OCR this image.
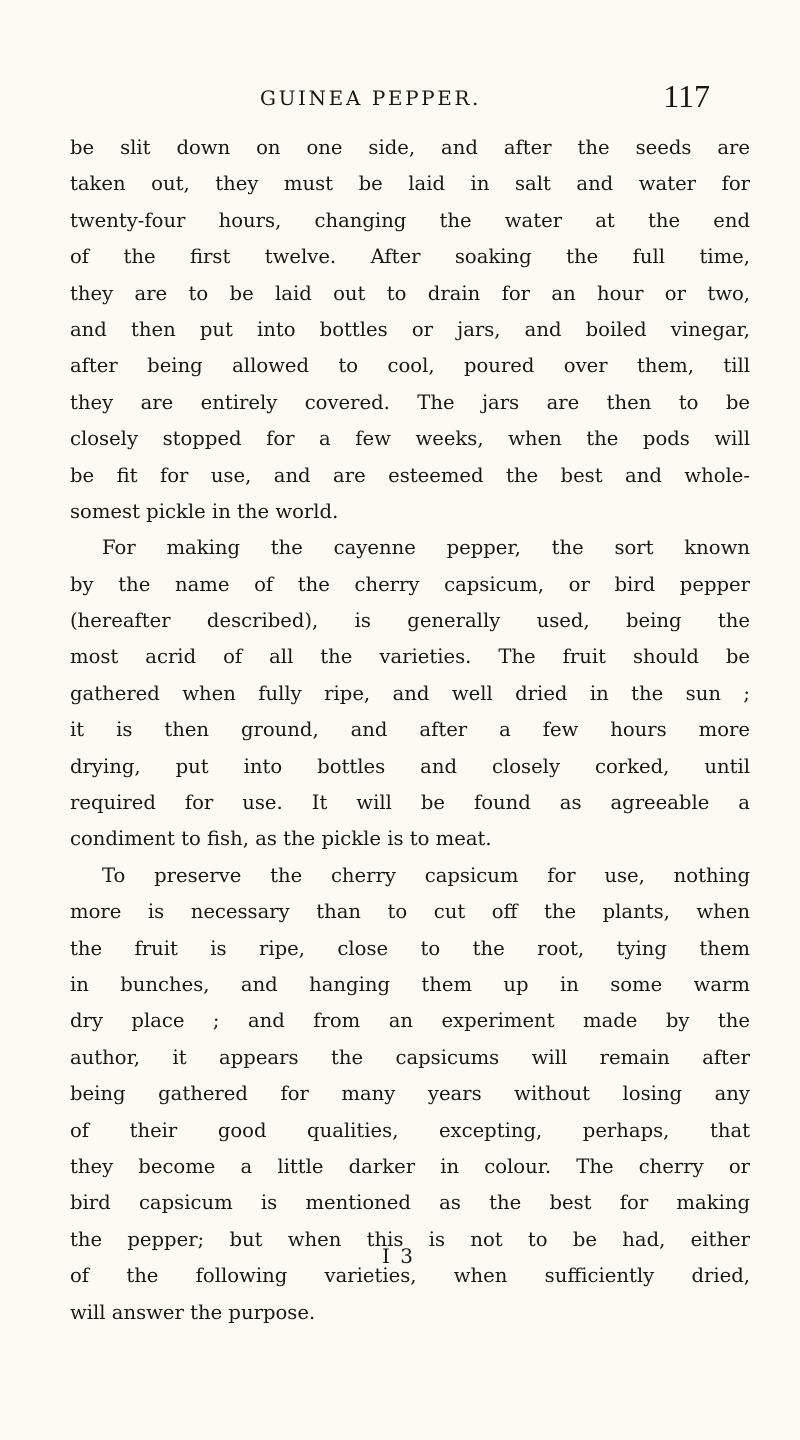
GUINEA PEPPER.	117
be slit down on one side, and after the seeds are
taken out, they must be laid in salt and water for
twenty-four hours, changing the water at the end
of the first twelve. After soaking the full time,
they are to be laid out to drain for an hour or two,
and then put into bottles or jars, and boiled vinegar,
after being allowed to cool, poured over them, till
they are entirely covered. The jars are then to be
closely stopped for a few weeks, when the pods will
be fit for use, and are esteemed the best and whole-
somest pickle in the world.
For making the cayenne pepper, the sort known
by the name of the cherry capsicum, or bird pepper
(hereafter described), is generally used, being the
most acrid of all the varieties. The fruit should be
gathered when fully ripe, and well dried in the sun ;
it is then ground, and after a few hours more
drying, put into bottles and closely corked, until
required for use. It will be found as agreeable a
condiment to fish, as the pickle is to meat.
To preserve the cherry capsicum for use, nothing
more is necessary than to cut off the plants, when
the fruit is ripe, close to the root, tying them
in bunches, and hanging them up in some warm
dry place ; and from an experiment made by the
author, it appears the capsicums will remain after
being gathered for many years without losing any
of their good qualities, excepting, perhaps, that
they become a little darker in colour. The cherry or
bird capsicum is mentioned as the best for making
the pepper; but when this is not to be had, either
of the following varieties, when sufficiently dried,
will answer the purpose.
I 3
